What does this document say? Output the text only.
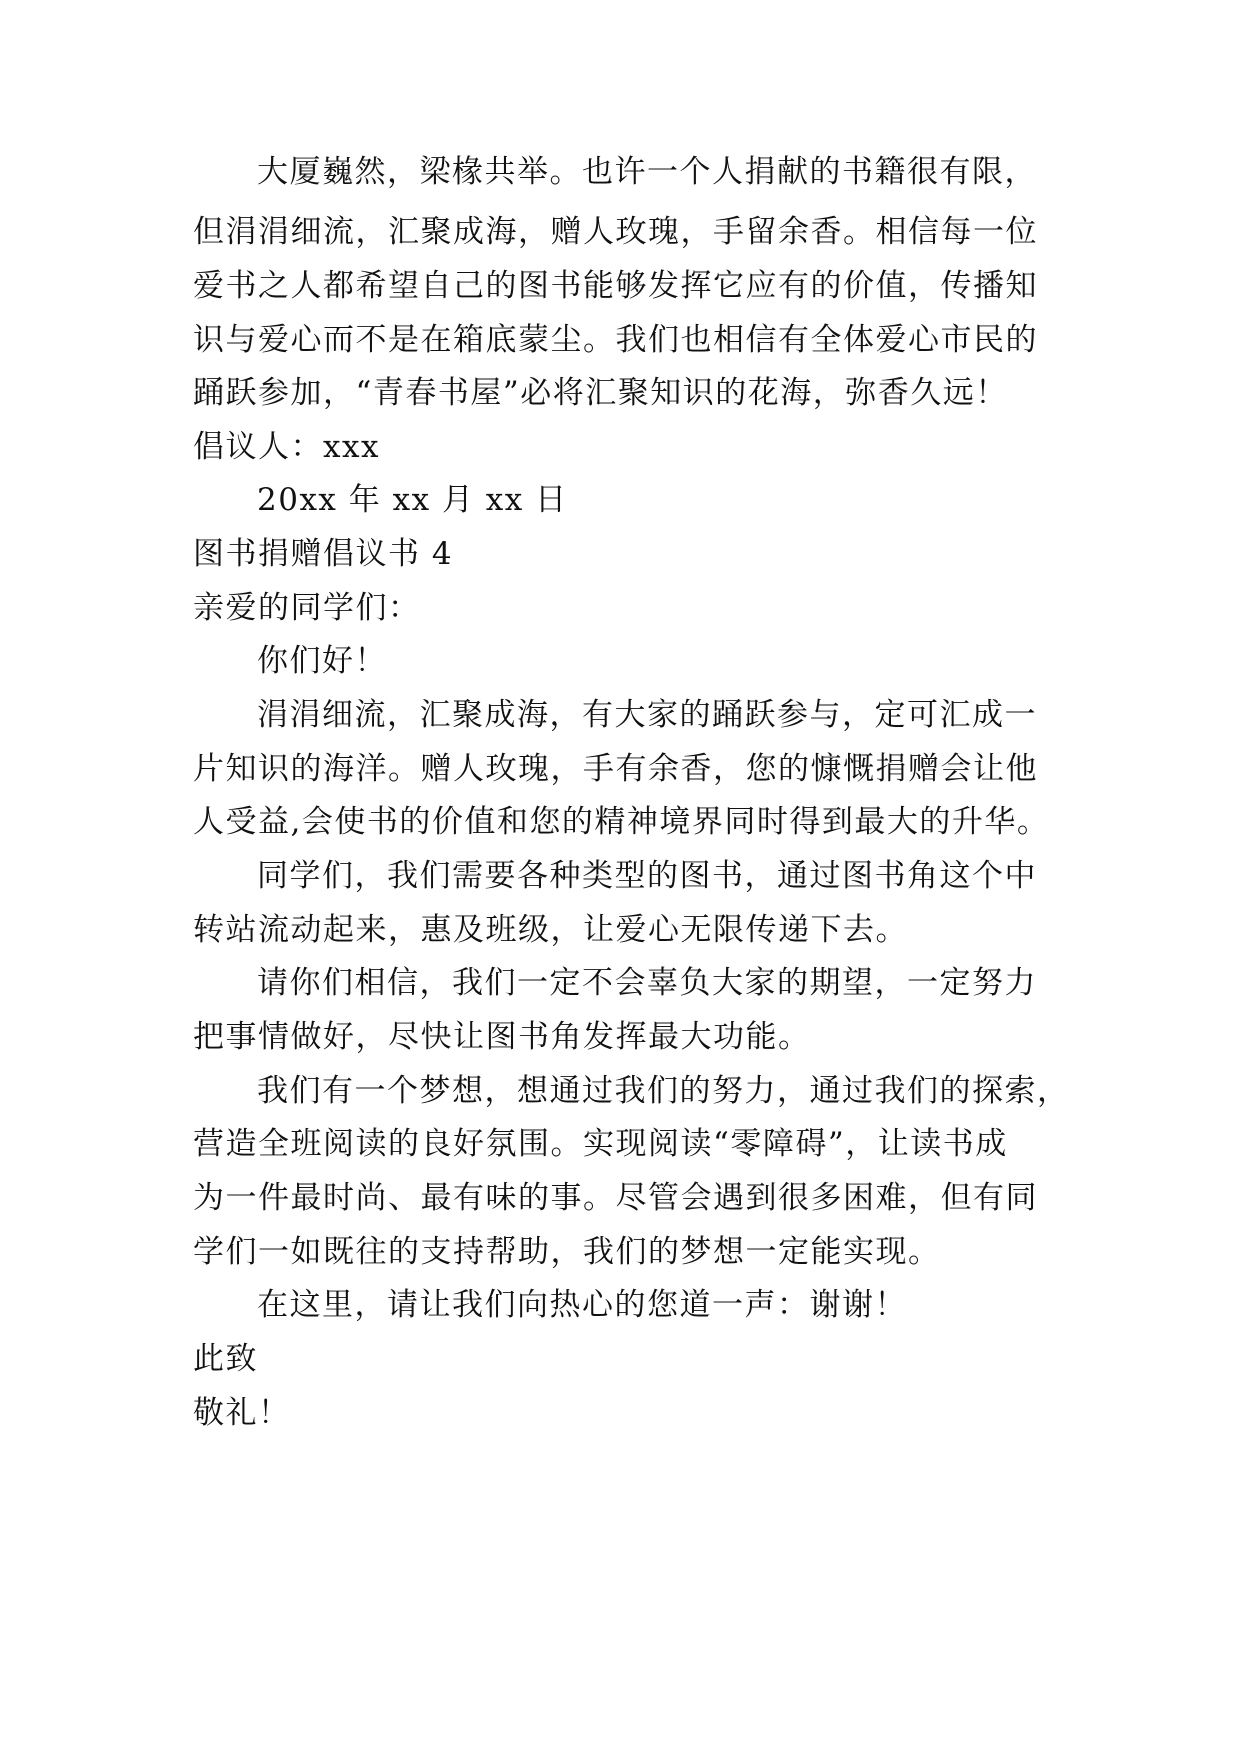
大厦巍然，梁椽共举。也许一个人捐献的书籍很有限，
但涓涓细流，汇聚成海，赠人玫瑰，手留余香。相信每一位
爱书之人都希望自己的图书能够发挥它应有的价值，传播知
识与爱心而不是在箱底蒙尘。我们也相信有全体爱心市民的
踊跃参加，“青春书屋”必将汇聚知识的花海，弥香久远！
倡议人：xxx
20xx 年 xx 月 xx 日
图书捐赠倡议书 4
亲爱的同学们：
你们好！
涓涓细流，汇聚成海，有大家的踊跃参与，定可汇成一
片知识的海洋。赠人玫瑰，手有余香，您的慷慨捐赠会让他
人受益,会使书的价值和您的精神境界同时得到最大的升华。
同学们，我们需要各种类型的图书，通过图书角这个中
转站流动起来，惠及班级，让爱心无限传递下去。
请你们相信，我们一定不会辜负大家的期望，一定努力
把事情做好，尽快让图书角发挥最大功能。
我们有一个梦想，想通过我们的努力，通过我们的探索，
营造全班阅读的良好氛围。实现阅读“零障碍”，让读书成
为一件最时尚、最有味的事。尽管会遇到很多困难，但有同
学们一如既往的支持帮助，我们的梦想一定能实现。
在这里，请让我们向热心的您道一声：谢谢！
此致
敬礼！
